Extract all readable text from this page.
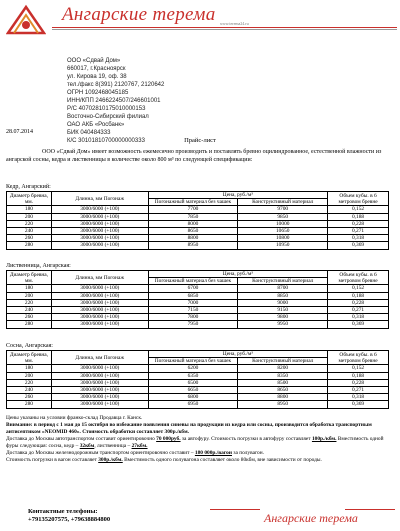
Ангарские терема www.terema24.ru
ООО «Сдвай Дом»
660017, г.Красноярск
ул. Кирова 19, оф. 38
тел./факс 8(391) 2120767, 2120642
ОГРН 1092468045185
ИНН/КПП 2466224507/246601001
Р/С 40702810175010000153
Восточно-Сибирский филиал
ОАО АКБ «Росбанк»
БИК 040484333
К/С 30101810700000000333
28.07.2014
Прайс-лист
ООО «Сдвай Дом» имеет возможность ежемесячно производить и поставлять бревно оцилиндрованное, естественной влажности из ангарской сосны, кедра и лиственницы в количестве около 800 м³ по следующей спецификации:
Кедр, Ангарский:
Диаметр бревна, мм.	Длинна, мм Погонаж	Цена, руб./м³		Объем кубы. в 6 метровом бревне
		Погонажный материал без чашек	Конструктивный материал	
180	3000/6000 (+100)	7700	9700	0,152
200	3000/6000 (+100)	7850	9850	0,188
220	3000/6000 (+100)	8000	10000	0,228
240	3000/6000 (+100)	8650	10650	0,271
260	3000/6000 (+100)	8800	10800	0,318
280	3000/6000 (+100)	8950	10950	0,369
Лиственница, Ангарская:
Диаметр бревна, мм.	Длинна, мм Погонаж	Цена, руб./м³		Объем кубы. в 6 метровом бревне
		Погонажный материал без чашек	Конструктивный материал	
180	3000/6000 (+100)	6700	8700	0,152
200	3000/6000 (+100)	6850	8850	0,188
220	3000/6000 (+100)	7000	9000	0,228
240	3000/6000 (+100)	7150	9150	0,271
260	3000/6000 (+100)	7800	9800	0,318
280	3000/6000 (+100)	7950	9950	0,369
Сосна, Ангарская:
Диаметр бревна, мм.	Длинна, мм Погонаж	Цена, руб./м³		Объем кубы. в 6 метровом бревне
		Погонажный материал без чашек	Конструктивный материал	
180	3000/6000 (+100)	6200	8200	0,152
200	3000/6000 (+100)	6350	8350	0,188
220	3000/6000 (+100)	6500	8500	0,228
240	3000/6000 (+100)	6650	8650	0,271
260	3000/6000 (+100)	6800	8800	0,318
280	3000/6000 (+100)	6950	8950	0,369
Цены указаны на условии франко-склад Продавца г. Канск.
Внимание: в период с 1 мая до 15 октября во избежание появления синевы на продукции из кедра или сосны, производится обработка транспортным антисептиком «NEOMID 460». Стоимость обработки составляет 300р./кбм.
Доставка до Москвы автотранспортом составит ориентировочно 70 000руб. за автофуру. Стоимость погрузки в автофуру составляет 100р./кбм. Вместимость одной фуры следующая: сосна, кедр – 32кбм, лиственница – 27кбм.
Доставка до Москвы железнодорожным транспортом ориентировочно составит – 180 000р./вагон за полувагон.
Стоимость погрузки в вагон составляет 300р./кбм. Вместимость одного полувагона составляет около 80кбм, вне зависимости от породы.
Контактные телефоны:
+79135207575, +79638884800	Ангарские терема
